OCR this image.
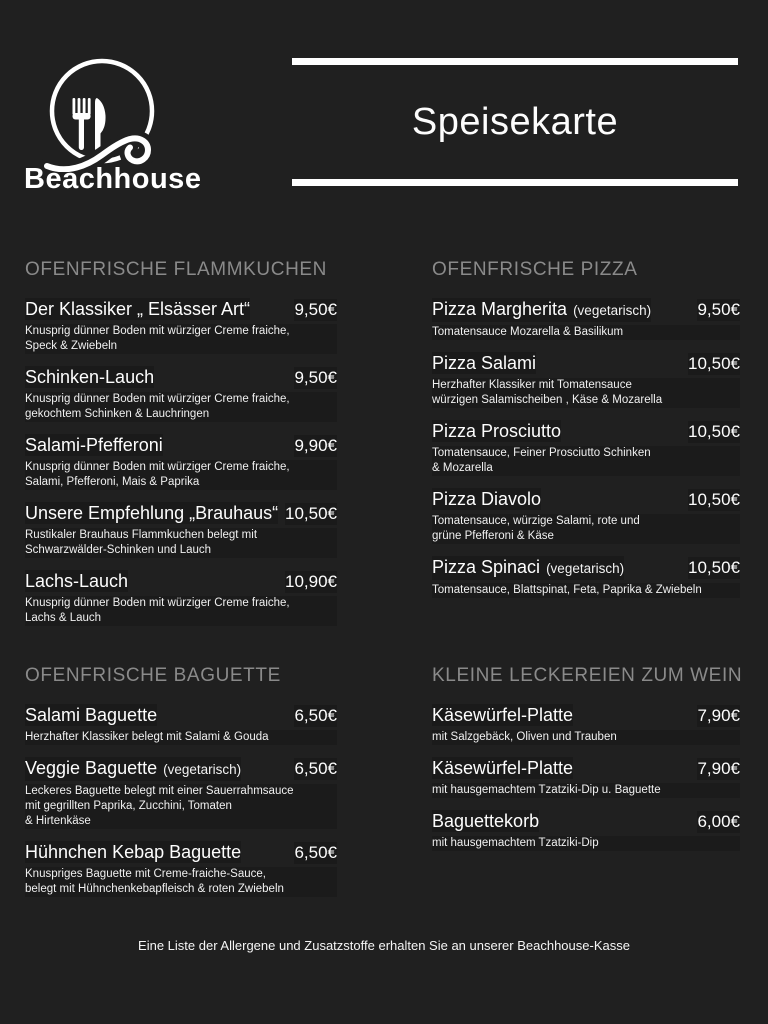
Beachhouse
Speisekarte
OFENFRISCHE FLAMMKUCHEN
Der Klassiker „ Elsässer Art“	9,50€
Knusprig dünner Boden mit würziger Creme fraiche,
Speck & Zwiebeln
Schinken-Lauch	9,50€
Knusprig dünner Boden mit würziger Creme fraiche,
gekochtem Schinken & Lauchringen
Salami-Pfefferoni	9,90€
Knusprig dünner Boden mit würziger Creme fraiche,
Salami, Pfefferoni, Mais & Paprika
Unsere Empfehlung „Brauhaus“ 10,50€
Rustikaler Brauhaus Flammkuchen belegt mit
Schwarzwälder-Schinken und Lauch
Lachs-Lauch	10,90€
Knusprig dünner Boden mit würziger Creme fraiche,
Lachs & Lauch
OFENFRISCHE PIZZA
Pizza Margherita (vegetarisch)	9,50€
Tomatensauce Mozarella & Basilikum
Pizza Salami	10,50€
Herzhafter Klassiker mit Tomatensauce
würzigen Salamischeiben , Käse & Mozarella
Pizza Prosciutto	10,50€
Tomatensauce, Feiner Prosciutto Schinken
& Mozarella
Pizza Diavolo	10,50€
Tomatensauce, würzige Salami, rote und
grüne Pfefferoni & Käse
Pizza Spinaci (vegetarisch)	10,50€
Tomatensauce, Blattspinat, Feta, Paprika & Zwiebeln
OFENFRISCHE BAGUETTE
Salami Baguette	6,50€
Herzhafter Klassiker belegt mit Salami & Gouda
Veggie Baguette (vegetarisch)	6,50€
Leckeres Baguette belegt mit einer Sauerrahmsauce
mit gegrillten Paprika, Zucchini, Tomaten
& Hirtenkäse
Hühnchen Kebap Baguette	6,50€
Knuspriges Baguette mit Creme-fraiche-Sauce,
belegt mit Hühnchenkebapfleisch & roten Zwiebeln
KLEINE LECKEREIEN ZUM WEIN
Käsewürfel-Platte	7,90€
mit Salzgebäck, Oliven und Trauben
Käsewürfel-Platte	7,90€
mit hausgemachtem Tzatziki-Dip u. Baguette
Baguettekorb	6,00€
mit hausgemachtem Tzatziki-Dip
Eine Liste der Allergene und Zusatzstoffe erhalten Sie an unserer Beachhouse-Kasse
